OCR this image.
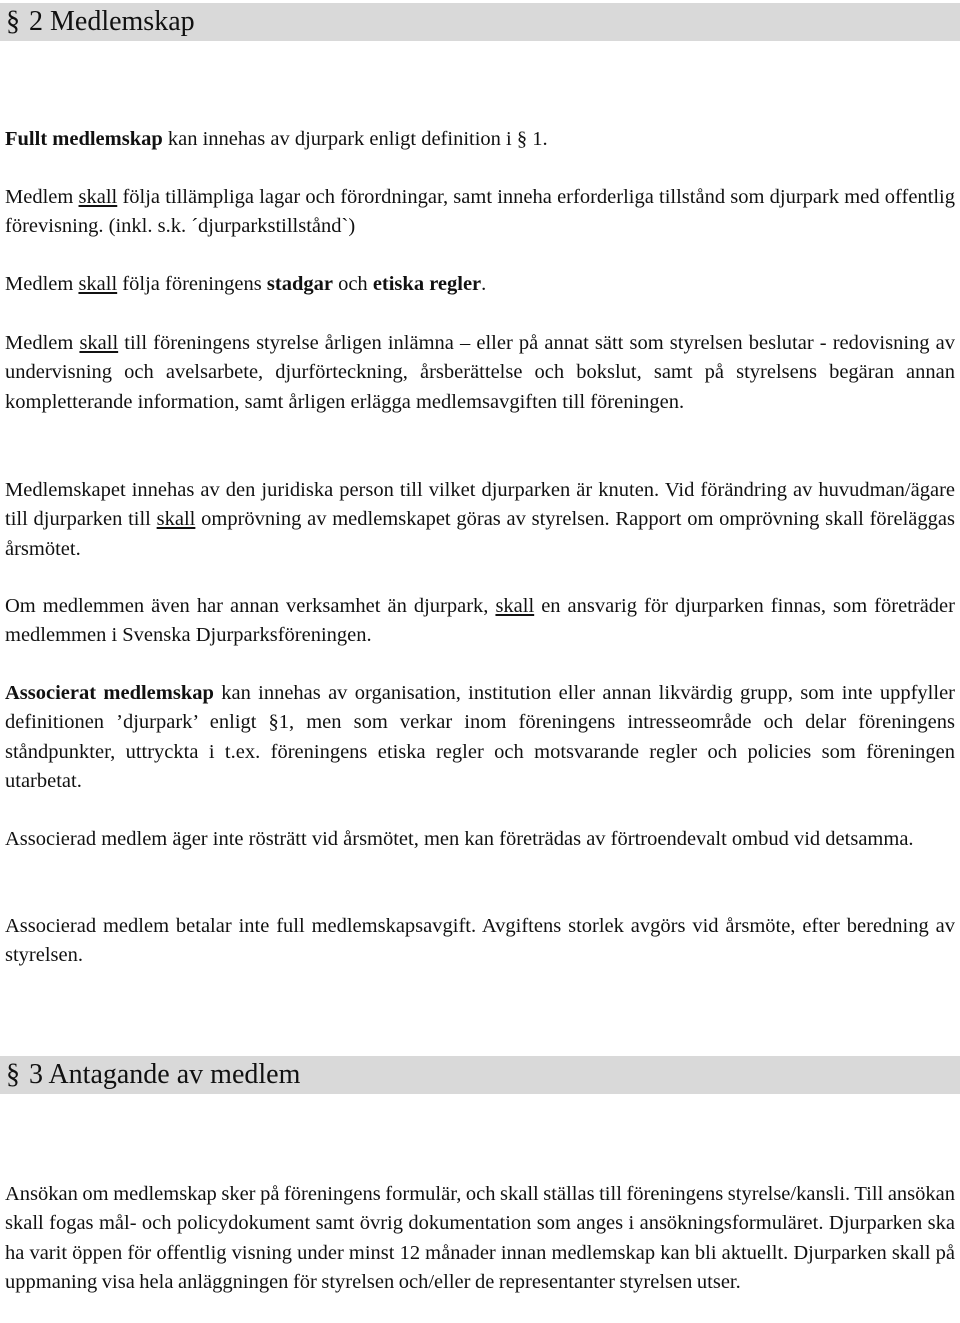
§ 2 Medlemskap

Fullt medlemskap kan innehas av djurpark enligt definition i § 1.

Medlem skall följa tillämpliga lagar och förordningar, samt inneha erforderliga tillstånd som djurpark med offentlig förevisning. (inkl. s.k. ´djurparkstillstånd`)

Medlem skall följa föreningens stadgar och etiska regler.

Medlem skall till föreningens styrelse årligen inlämna – eller på annat sätt som styrelsen beslutar - redovisning av undervisning och avelsarbete, djurförteckning, årsberättelse och bokslut, samt på styrelsens begäran annan kompletterande information, samt årligen erlägga medlemsavgiften till föreningen.

Medlemskapet innehas av den juridiska person till vilket djurparken är knuten. Vid förändring av huvudman/ägare till djurparken till skall omprövning av medlemskapet göras av styrelsen. Rapport om omprövning skall föreläggas årsmötet.

Om medlemmen även har annan verksamhet än djurpark, skall en ansvarig för djurparken finnas, som företräder medlemmen i Svenska Djurparksföreningen.

Associerat medlemskap kan innehas av organisation, institution eller annan likvärdig grupp, som inte uppfyller definitionen ’djurpark’ enligt §1, men som verkar inom föreningens intresseområde och delar föreningens ståndpunkter, uttryckta i t.ex. föreningens etiska regler och motsvarande regler och policies som föreningen utarbetat.

Associerad medlem äger inte rösträtt vid årsmötet, men kan företrädas av förtroendevalt ombud vid detsamma.

Associerad medlem betalar inte full medlemskapsavgift. Avgiftens storlek avgörs vid årsmöte, efter beredning av styrelsen.

§ 3 Antagande av medlem

Ansökan om medlemskap sker på föreningens formulär, och skall ställas till föreningens styrelse/kansli. Till ansökan skall fogas mål- och policydokument samt övrig dokumentation som anges i ansökningsformuläret. Djurparken ska ha varit öppen för offentlig visning under minst 12 månader innan medlemskap kan bli aktuellt. Djurparken skall på uppmaning visa hela anläggningen för styrelsen och/eller de representanter styrelsen utser.
